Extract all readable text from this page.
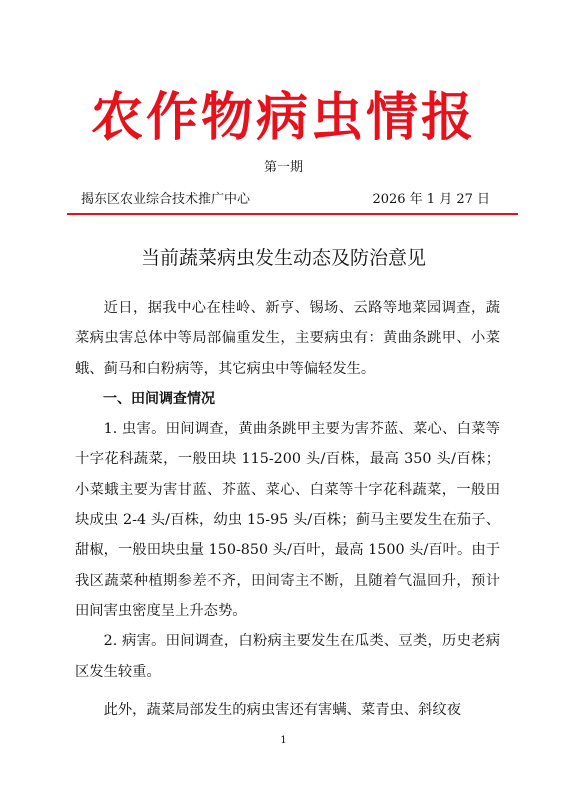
农作物病虫情报
第一期
揭东区农业综合技术推广中心	2026 年 1 月 27 日
当前蔬菜病虫发生动态及防治意见

近日，据我中心在桂岭、新亨、锡场、云路等地菜园调查，蔬菜病虫害总体中等局部偏重发生，主要病虫有：黄曲条跳甲、小菜蛾、蓟马和白粉病等，其它病虫中等偏轻发生。

一、田间调查情况

1. 虫害。田间调查，黄曲条跳甲主要为害芥蓝、菜心、白菜等十字花科蔬菜，一般田块 115-200 头/百株，最高 350 头/百株；小菜蛾主要为害甘蓝、芥蓝、菜心、白菜等十字花科蔬菜，一般田块成虫 2-4 头/百株，幼虫 15-95 头/百株；蓟马主要发生在茄子、甜椒，一般田块虫量 150-850 头/百叶，最高 1500 头/百叶。由于我区蔬菜种植期参差不齐，田间寄主不断，且随着气温回升，预计田间害虫密度呈上升态势。

2. 病害。田间调查，白粉病主要发生在瓜类、豆类，历史老病区发生较重。

此外，蔬菜局部发生的病虫害还有害螨、菜青虫、斜纹夜

1
